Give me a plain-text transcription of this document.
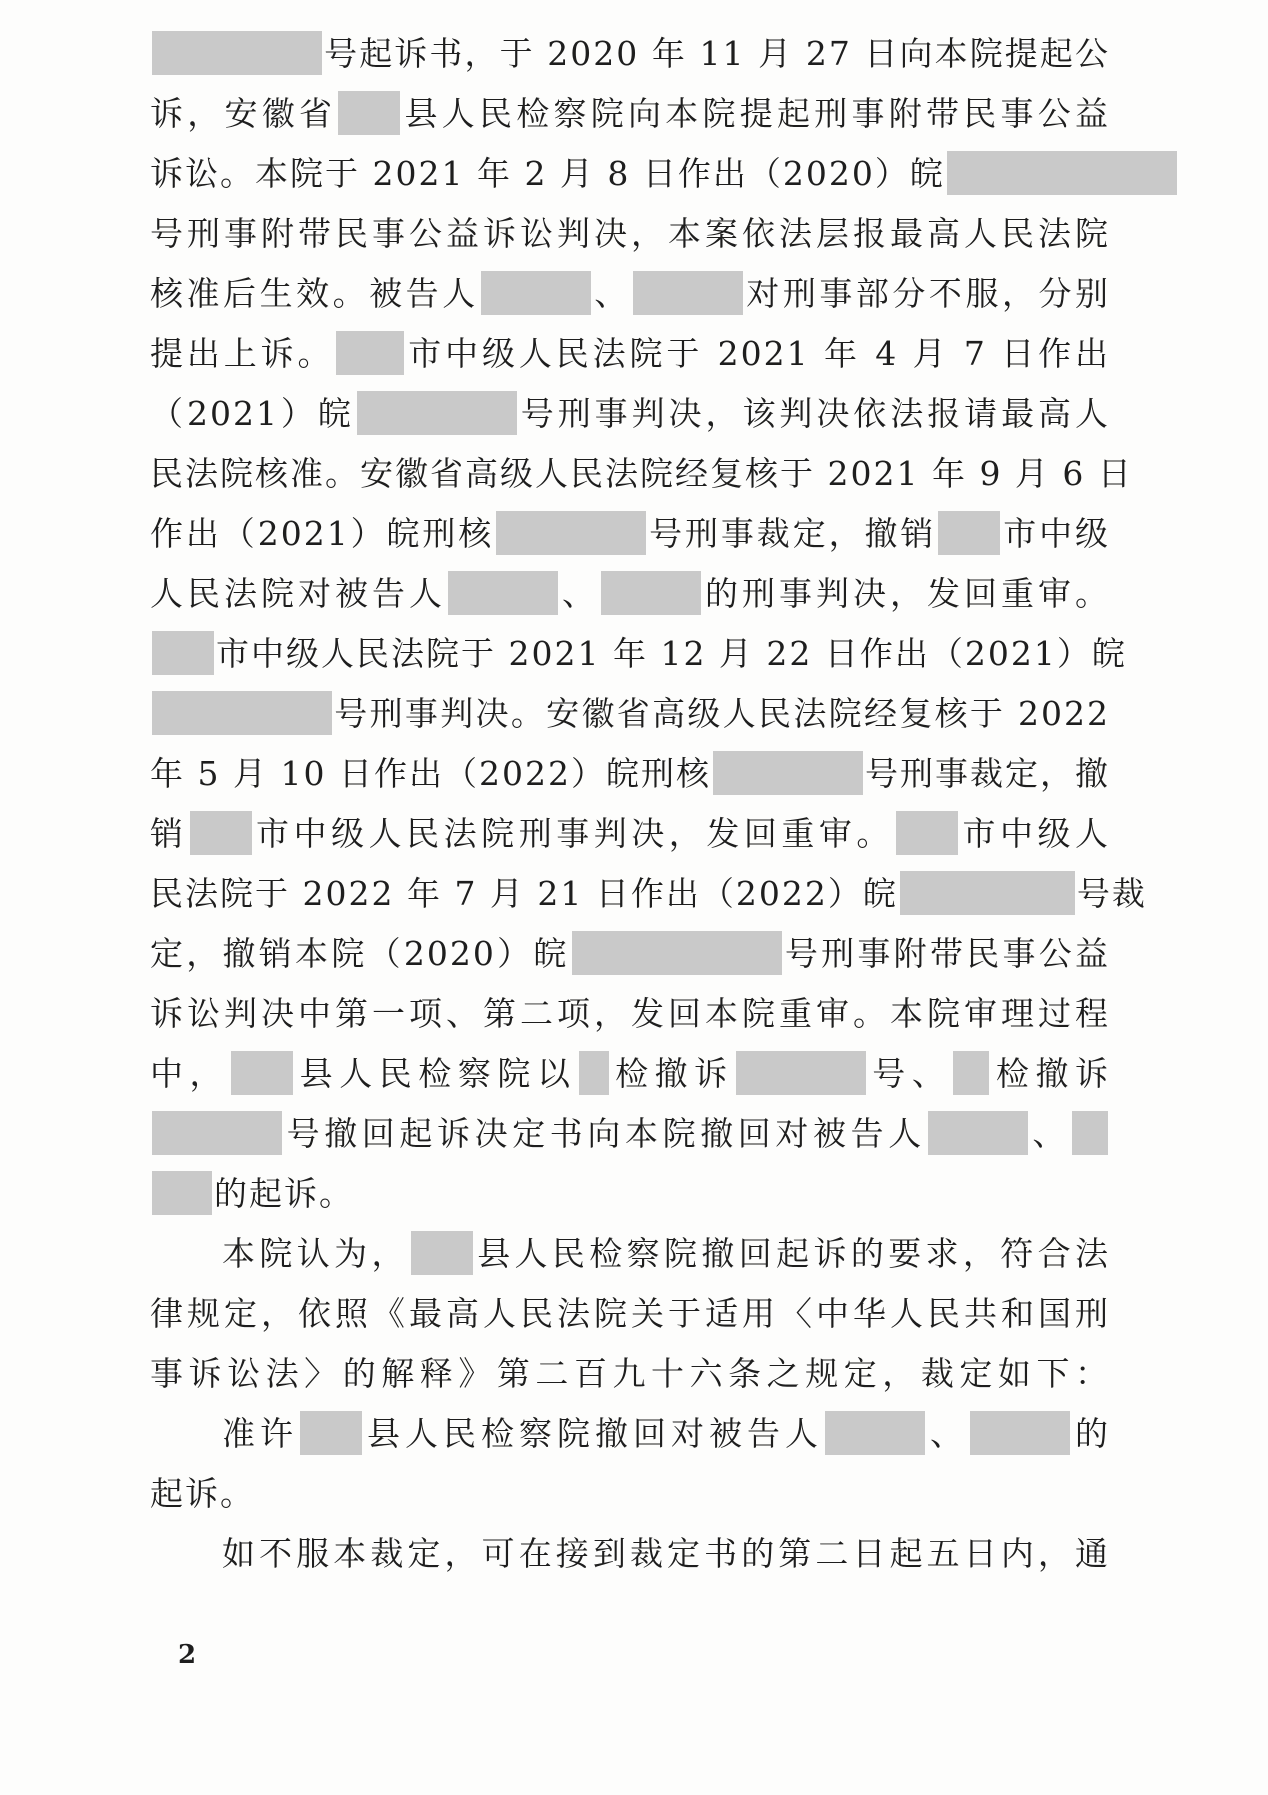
号起诉书，于 2020 年 11 月 27 日向本院提起公
诉，安徽省 县人民检察院向本院提起刑事附带民事公益
诉讼。本院于 2021 年 2 月 8 日作出（2020）皖
号刑事附带民事公益诉讼判决，本案依法层报最高人民法院
核准后生效。被告人	、	对刑事部分不服，分别
提出上诉。 市中级人民法院于 2021 年 4 月 7 日作出
（2021）皖	号刑事判决，该判决依法报请最高人
民法院核准。安徽省高级人民法院经复核于 2021 年 9 月 6 日
作出（2021）皖刑核	号刑事裁定，撤销 市中级
人民法院对被告人	、	的刑事判决，发回重审。
市中级人民法院于 2021 年 12 月 22 日作出（2021）皖
号刑事判决。安徽省高级人民法院经复核于 2022
年 5 月 10 日作出（2022）皖刑核	号刑事裁定，撤
销 市中级人民法院刑事判决，发回重审。 市中级人
民法院于 2022 年 7 月 21 日作出（2022）皖	号裁
定，撤销本院（2020）皖	号刑事附带民事公益
诉讼判决中第一项、第二项，发回本院重审。本院审理过程
中， 县人民检察院以 检撤诉	号、 检撤诉
号撤回起诉决定书向本院撤回对被告人	、
的起诉。
本院认为， 县人民检察院撤回起诉的要求，符合法
律规定，依照《最高人民法院关于适用〈中华人民共和国刑
事诉讼法〉的解释》第二百九十六条之规定，裁定如下：
准许 县人民检察院撤回对被告人	、	的
起诉。
如不服本裁定，可在接到裁定书的第二日起五日内，通
2
